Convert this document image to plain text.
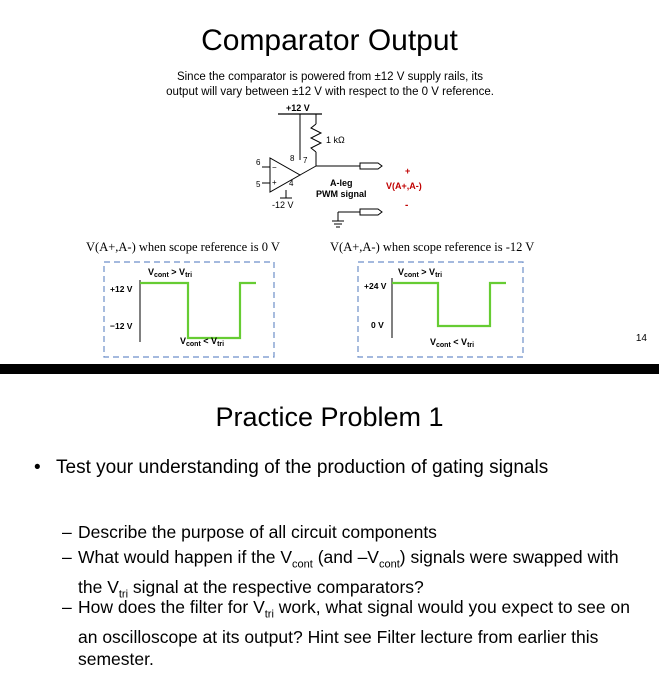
Comparator Output
Since the comparator is powered from ±12 V supply rails, its
output will vary between ±12 V with respect to the 0 V reference.
+12 V
1 kΩ
8 7
6
5	4
+
−
-12 V
A-leg
PWM signal
+
V(A+,A-)
-
V(A+,A-) when scope reference is 0 V	V(A+,A-) when scope reference is -12 V
$V_{cont} > V_{tri}$
+12 V
−12 V
$V_{cont} < V_{tri}$
$V_{cont} > V_{tri}$
+24 V
0 V
$V_{cont} < V_{tri}$
14
Practice Problem 1
• Test your understanding of the production of gating signals
– Describe the purpose of all circuit components
– What would happen if the $V_{cont}$ (and $-V_{cont}$) signals were swapped with the $V_{tri}$ signal at the respective comparators?
– How does the filter for $V_{tri}$ work, what signal would you expect to see on an oscilloscope at its output? Hint see Filter lecture from earlier this semester.
